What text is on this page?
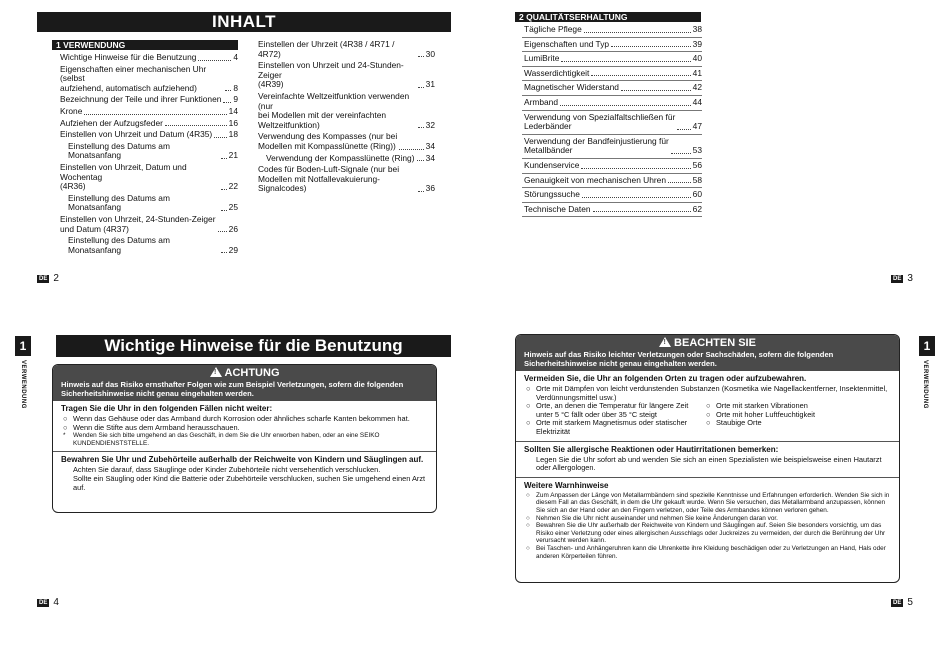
INHALT
1 VERWENDUNG
Wichtige Hinweise für die Benutzung	4
Eigenschaften einer mechanischen Uhr (selbst
aufziehend, automatisch aufziehend)	8
Bezeichnung der Teile und ihrer Funktionen 9
Krone	14
Aufziehen der Aufzugsfeder	16
Einstellen von Uhrzeit und Datum (4R35) 18
Einstellung des Datums am Monatsanfang	21
Einstellen von Uhrzeit, Datum und Wochentag
(4R36)	22
Einstellung des Datums am Monatsanfang	25
Einstellen von Uhrzeit, 24-Stunden-Zeiger
und Datum (4R37)	26
Einstellung des Datums am Monatsanfang	29
Einstellen der Uhrzeit (4R38 / 4R71 / 4R72)	30
Einstellen von Uhrzeit und 24-Stunden-Zeiger
(4R39)	31
Vereinfachte Weltzeitfunktion verwenden (nur
bei Modellen mit der vereinfachten
Weltzeitfunktion)	32
Verwendung des Kompasses (nur bei
Modellen mit Kompasslünette (Ring))	34
Verwendung der Kompasslünette (Ring) 34
Codes für Boden-Luft-Signale (nur bei
Modellen mit Notfallevakuierung-Signalcodes)	36
DE 2
2 QUALITÄTSERHALTUNG
Tägliche Pflege	38
Eigenschaften und Typ	39
LumiBrite	40
Wasserdichtigkeit	41
Magnetischer Widerstand	42
Armband	44
Verwendung von Spezialfaltschließen für
Lederbänder	47
Verwendung der Bandfeinjustierung für
Metallbänder	53
Kundenservice	56
Genauigkeit von mechanischen Uhren	58
Störungssuche	60
Technische Daten	62
DE 3
1
VERWENDUNG
Wichtige Hinweise für die Benutzung
!ACHTUNG
Hinweis auf das Risiko ernsthafter Folgen wie zum Beispiel Verletzungen, sofern die folgenden Sicherheitshinweise nicht genau eingehalten werden.
Tragen Sie die Uhr in den folgenden Fällen nicht weiter:
○ Wenn das Gehäuse oder das Armband durch Korrosion oder ähnliches scharfe Kanten bekommen hat.
○ Wenn die Stifte aus dem Armband herausschauen.
*	Wenden Sie sich bitte umgehend an das Geschäft, in dem Sie die Uhr erworben haben, oder an eine SEIKO KUNDENDIENSTSTELLE.
Bewahren Sie Uhr und Zubehörteile außerhalb der Reichweite von Kindern und Säuglingen auf.
Achten Sie darauf, dass Säuglinge oder Kinder Zubehörteile nicht versehentlich verschlucken.
Sollte ein Säugling oder Kind die Batterie oder Zubehörteile verschlucken, suchen Sie umgehend einen Arzt auf.
DE 4
1
VERWENDUNG
!BEACHTEN SIE
Hinweis auf das Risiko leichter Verletzungen oder Sachschäden, sofern die folgenden Sicherheitshinweise nicht genau eingehalten werden.
Vermeiden Sie, die Uhr an folgenden Orten zu tragen oder aufzubewahren.
○ Orte mit Dämpfen von leicht verdunstenden Substanzen (Kosmetika wie Nagellackentferner, Insektenmittel, Verdünnungsmittel usw.)
○ Orte, an denen die Temperatur für längere Zeit unter 5 °C fällt oder über 35 °C steigt
○ Orte mit starkem Magnetismus oder statischer Elektrizität
○ Orte mit starken Vibrationen
○ Orte mit hoher Luftfeuchtigkeit
○ Staubige Orte
Sollten Sie allergische Reaktionen oder Hautirritationen bemerken:
Legen Sie die Uhr sofort ab und wenden Sie sich an einen Spezialisten wie beispielsweise einen Hautarzt oder Allergologen.
Weitere Warnhinweise
○ Zum Anpassen der Länge von Metallarmbändern sind spezielle Kenntnisse und Erfahrungen erforderlich. Wenden Sie sich in diesem Fall an das Geschäft, in dem die Uhr gekauft wurde. Wenn Sie versuchen, das Metallarmband anzupassen, können Sie sich an der Hand oder an den Fingern verletzen, oder Teile des Armbandes können verloren gehen.
○ Nehmen Sie die Uhr nicht auseinander und nehmen Sie keine Änderungen daran vor.
○ Bewahren Sie die Uhr außerhalb der Reichweite von Kindern und Säuglingen auf. Seien Sie besonders vorsichtig, um das Risiko einer Verletzung oder eines allergischen Ausschlags oder Juckreizes zu vermeiden, der durch die Berührung der Uhr verursacht werden kann.
○ Bei Taschen- und Anhängeruhren kann die Uhrenkette ihre Kleidung beschädigen oder zu Verletzungen an Hand, Hals oder anderen Körperteilen führen.
DE 5
